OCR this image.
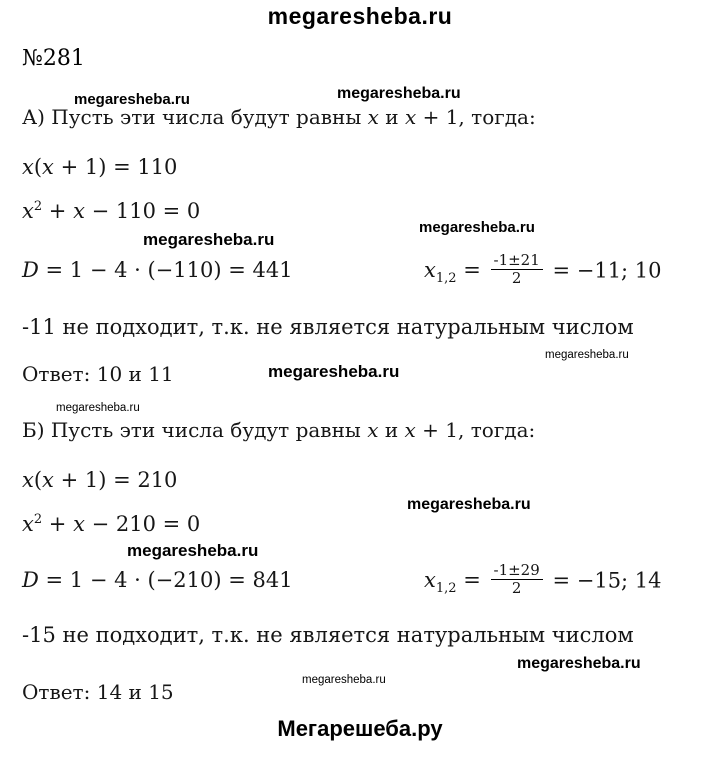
megaresheba.ru
№281
megaresheba.ru	megaresheba.ru
megaresheba.ru
megaresheba.ru
megaresheba.ru
megaresheba.ru
megaresheba.ru
megaresheba.ru
megaresheba.ru
megaresheba.ru
megaresheba.ru
А) Пусть эти числа будут равны x и x + 1, тогда:
x(x + 1) = 110
$x^2 + x - 110 = 0$
D = 1 − 4 · (−110) = 441	$x_{1,2} = \frac{-1\pm 21}{2} = -11$; 10
-11 не подходит, т.к. не является натуральным числом
Ответ: 10 и 11
Б) Пусть эти числа будут равны x и x + 1, тогда:
x(x + 1) = 210
$x^2 + x - 210 = 0$
D = 1 − 4 · (−210) = 841	$x_{1,2} = \frac{-1\pm 29}{2} = -15$; 14
-15 не подходит, т.к. не является натуральным числом
Ответ: 14 и 15
Мегарешеба.ру
